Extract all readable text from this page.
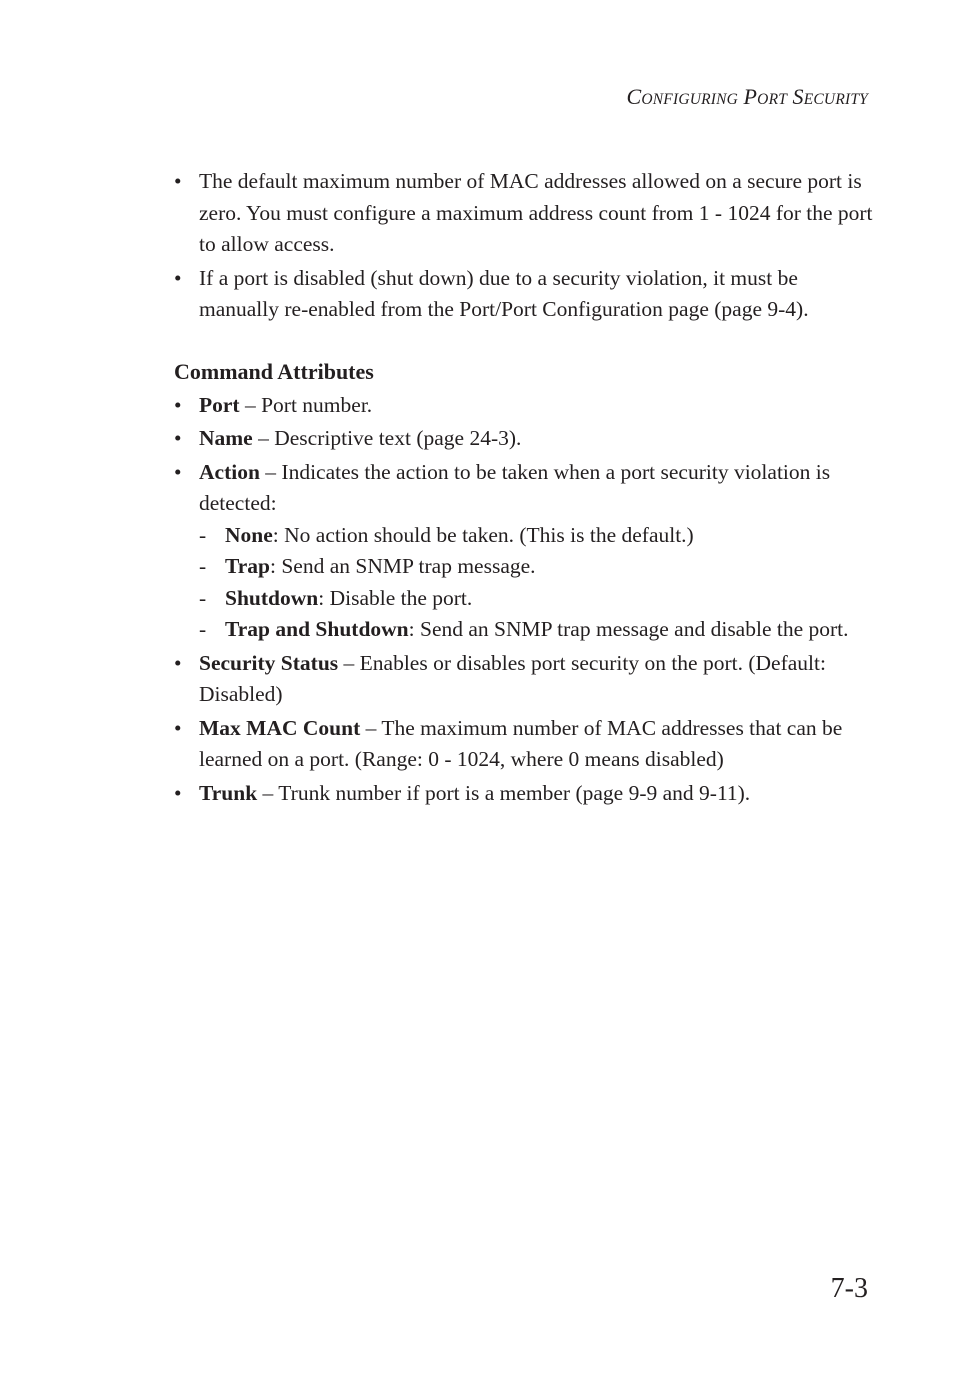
CONFIGURING PORT SECURITY
• The default maximum number of MAC addresses allowed on a secure port is zero. You must configure a maximum address count from 1 - 1024 for the port to allow access.
• If a port is disabled (shut down) due to a security violation, it must be manually re-enabled from the Port/Port Configuration page (page 9-4).
Command Attributes
• Port – Port number.
• Name – Descriptive text (page 24-3).
• Action – Indicates the action to be taken when a port security violation is detected:
- None: No action should be taken. (This is the default.)
- Trap: Send an SNMP trap message.
- Shutdown: Disable the port.
- Trap and Shutdown: Send an SNMP trap message and disable the port.
• Security Status – Enables or disables port security on the port. (Default: Disabled)
• Max MAC Count – The maximum number of MAC addresses that can be learned on a port. (Range: 0 - 1024, where 0 means disabled)
• Trunk – Trunk number if port is a member (page 9-9 and 9-11).
7-3
